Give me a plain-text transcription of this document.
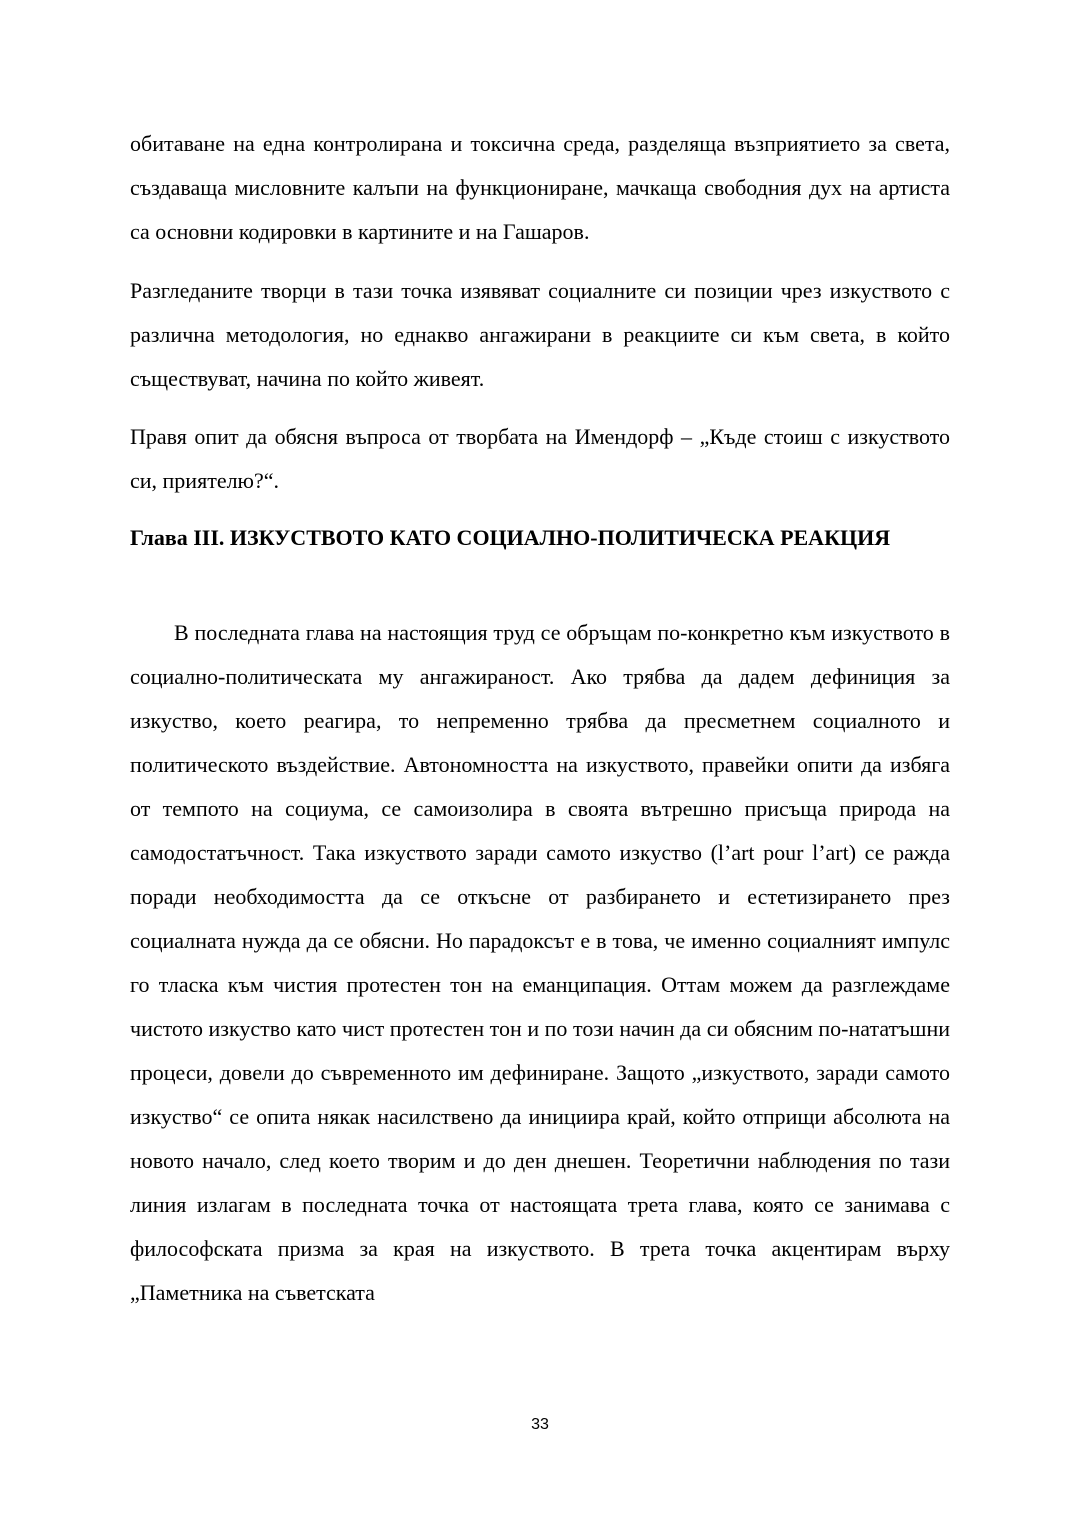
обитаване на една контролирана и токсична среда, разделяща възприятието за света, създаваща мисловните калъпи на функциониране, мачкаща свободния дух на артиста са основни кодировки в картините и на Гашаров.

Разгледаните творци в тази точка изявяват социалните си позиции чрез изкуството с различна методология, но еднакво ангажирани в реакциите си към света, в който съществуват, начина по който живеят.

Правя опит да обясня въпроса от творбата на Имендорф – „Къде стоиш с изкуството си, приятелю?“.

Глава III. ИЗКУСТВОТО КАТО СОЦИАЛНО-ПОЛИТИЧЕСКА РЕАКЦИЯ

В последната глава на настоящия труд се обръщам по-конкретно към изкуството в социално-политическата му ангажираност. Ако трябва да дадем дефиниция за изкуство, което реагира, то непременно трябва да пресметнем социалното и политическото въздействие. Автономността на изкуството, правейки опити да избяга от темпото на социума, се самоизолира в своята вътрешно присъща природа на самодостатъчност. Така изкуството заради самото изкуство (l’art pour l’art) се ражда поради необходимостта да се откъсне от разбирането и естетизирането през социалната нужда да се обясни. Но парадоксът е в това, че именно социалният импулс го тласка към чистия протестен тон на еманципация. Оттам можем да разглеждаме чистото изкуство като чист протестен тон и по този начин да си обясним по-нататъшни процеси, довели до съвременното им дефиниране. Защото „изкуството, заради самото изкуство“ се опита някак насилствено да инициира край, който отприщи абсолюта на новото начало, след което творим и до ден днешен. Теоретични наблюдения по тази линия излагам в последната точка от настоящата трета глава, която се занимава с философската призма за края на изкуството. В трета точка акцентирам върху „Паметника на съветската

33
